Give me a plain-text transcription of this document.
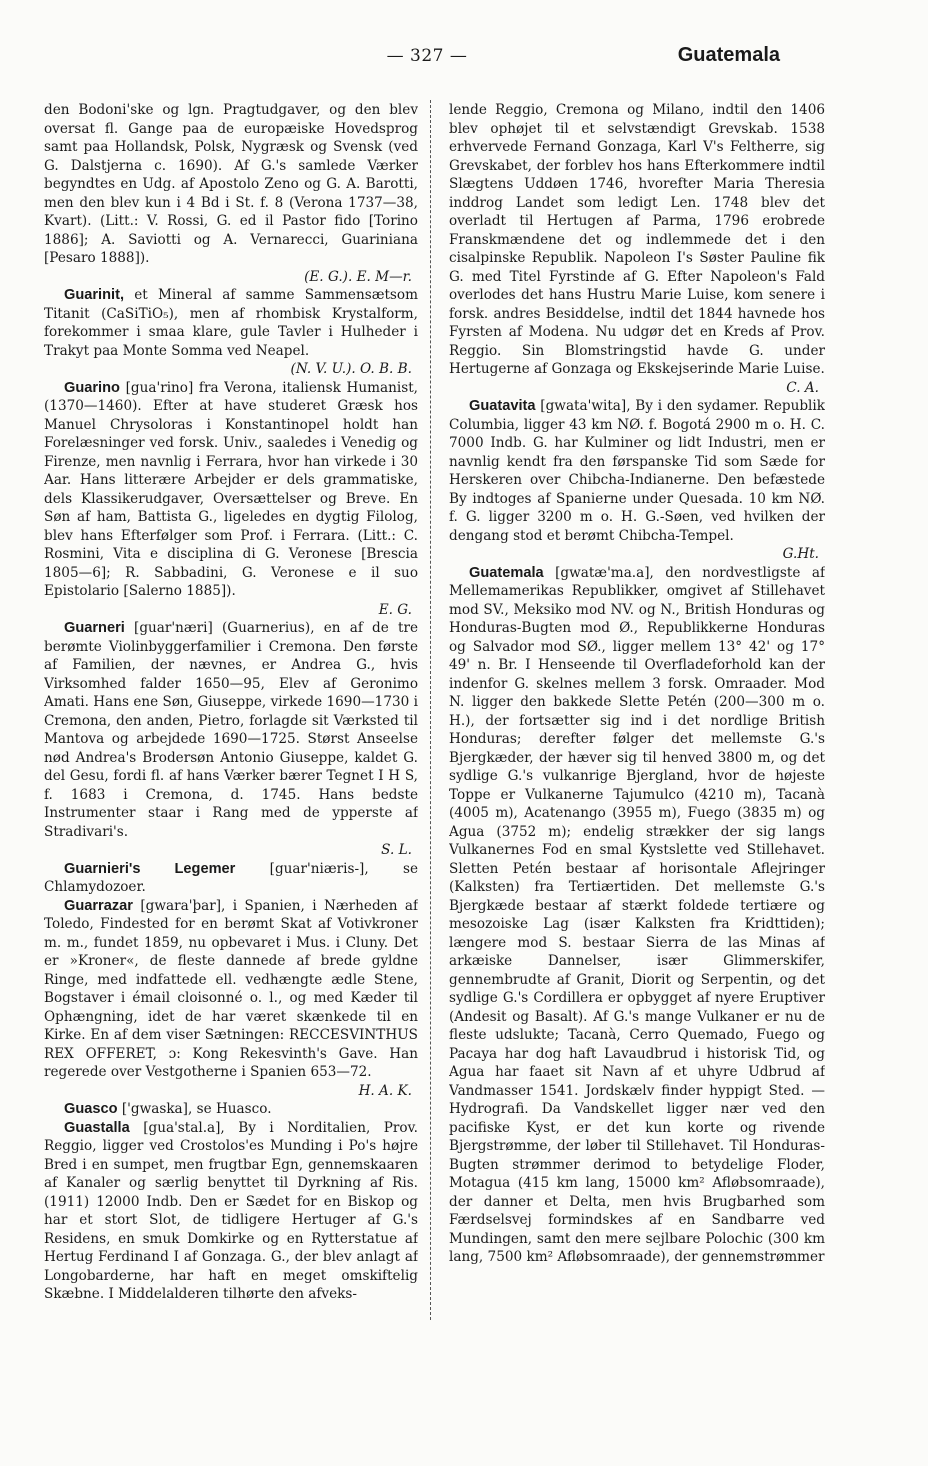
— 327 —	Guatemala

den Bodoni'ske og lgn. Pragtudgaver, og den blev oversat fl. Gange paa de europæiske Hovedsprog samt paa Hollandsk, Polsk, Nygræsk og Svensk (ved G. Dalstjerna c. 1690). Af G.'s samlede Værker begyndtes en Udg. af Apostolo Zeno og G. A. Barotti, men den blev kun i 4 Bd i St. f. 8 (Verona 1737—38, Kvart). (Litt.: V. Rossi, G. ed il Pastor fido [Torino 1886]; A. Saviotti og A. Vernarecci, Guariniana [Pesaro 1888]).

(E. G.). E. M—r.

Guarinit, et Mineral af samme Sammensætsom Titanit (CaSiTiO₅), men af rhombisk Krystalform, forekommer i smaa klare, gule Tavler i Hulheder i Trakyt paa Monte Somma ved Neapel.

(N. V. U.). O. B. B.

Guarino [gua'rino] fra Verona, italiensk Humanist, (1370—1460). Efter at have studeret Græsk hos Manuel Chrysoloras i Konstantinopel holdt han Forelæsninger ved forsk. Univ., saaledes i Venedig og Firenze, men navnlig i Ferrara, hvor han virkede i 30 Aar. Hans litterære Arbejder er dels grammatiske, dels Klassikerudgaver, Oversættelser og Breve. En Søn af ham, Battista G., ligeledes en dygtig Filolog, blev hans Efterfølger som Prof. i Ferrara. (Litt.: C. Rosmini, Vita e disciplina di G. Veronese [Brescia 1805—6]; R. Sabbadini, G. Veronese e il suo Epistolario [Salerno 1885]).

E. G.

Guarneri [guar'næri] (Guarnerius), en af de tre berømte Violinbyggerfamilier i Cremona. Den første af Familien, der nævnes, er Andrea G., hvis Virksomhed falder 1650—95, Elev af Geronimo Amati. Hans ene Søn, Giuseppe, virkede 1690—1730 i Cremona, den anden, Pietro, forlagde sit Værksted til Mantova og arbejdede 1690—1725. Størst Anseelse nød Andrea's Brodersøn Antonio Giuseppe, kaldet G. del Gesu, fordi fl. af hans Værker bærer Tegnet I H S, f. 1683 i Cremona, d. 1745. Hans bedste Instrumenter staar i Rang med de ypperste af Stradivari's.

S. L.

Guarnieri's Legemer	[guar'niæris-], se Chlamydozoer.

Guarrazar [gwara'þar], i Spanien, i Nærheden af Toledo, Findested for en berømt Skat af Votivkroner m. m., fundet 1859, nu opbevaret i Mus. i Cluny. Det er »Kroner«, de fleste dannede af brede gyldne Ringe, med indfattede ell. vedhængte ædle Stene, Bogstaver i émail cloisonné o. l., og med Kæder til Ophængning, idet de har været skænkede til en Kirke. En af dem viser Sætningen: RECCESVINTHUS REX OFFERET, ɔ: Kong Rekesvinth's Gave. Han regerede over Vestgotherne i Spanien 653—72.

H. A. K.

Guasco ['gwaska], se Huasco.

Guastalla [gua'stal.a], By i Norditalien, Prov. Reggio, ligger ved Crostolos'es Munding i Po's højre Bred i en sumpet, men frugtbar Egn, gennemskaaren af Kanaler og særlig benyttet til Dyrkning af Ris. (1911) 12000 Indb. Den er Sædet for en Biskop og har et stort Slot, de tidligere Hertuger af G.'s Residens, en smuk Domkirke og en Rytterstatue af Hertug Ferdinand I af Gonzaga. G., der blev anlagt af Longobarderne, har haft en meget omskiftelig Skæbne. I Middelalderen tilhørte den afveks-

lende Reggio, Cremona og Milano, indtil den 1406 blev ophøjet til et selvstændigt Grevskab. 1538 erhvervede Fernand Gonzaga, Karl V's Feltherre, sig Grevskabet, der forblev hos hans Efterkommere indtil Slægtens Uddøen 1746, hvorefter Maria Theresia inddrog Landet som ledigt Len. 1748 blev det overladt til Hertugen af Parma, 1796 erobrede Franskmændene det og indlemmede det i den cisalpinske Republik. Napoleon I's Søster Pauline fik G. med Titel Fyrstinde af G. Efter Napoleon's Fald overlodes det hans Hustru Marie Luise, kom senere i forsk. andres Besiddelse, indtil det 1844 havnede hos Fyrsten af Modena. Nu udgør det en Kreds af Prov. Reggio. Sin Blomstringstid havde G. under Hertugerne af Gonzaga og Ekskejserinde Marie Luise.

C. A.

Guatavita [gwata'wita], By i den sydamer. Republik Columbia, ligger 43 km NØ. f. Bogotá 2900 m o. H. C. 7000 Indb. G. har Kulminer og lidt Industri, men er navnlig kendt fra den førspanske Tid som Sæde for Herskeren over Chibcha-Indianerne. Den befæstede By indtoges af Spanierne under Quesada. 10 km NØ. f. G. ligger 3200 m o. H. G.-Søen, ved hvilken der dengang stod et berømt Chibcha-Tempel.

G.Ht.

Guatemala [gwatæ'ma.a], den nordvestligste af Mellemamerikas Republikker, omgivet af Stillehavet mod SV., Meksiko mod NV. og N., British Honduras og Honduras-Bugten mod Ø., Republikkerne Honduras og Salvador mod SØ., ligger mellem 13° 42' og 17° 49' n. Br. I Henseende til Overfladeforhold kan der indenfor G. skelnes mellem 3 forsk. Omraader. Mod N. ligger den bakkede Slette Petén (200—300 m o. H.), der fortsætter sig ind i det nordlige British Honduras; derefter følger det mellemste G.'s Bjergkæder, der hæver sig til henved 3800 m, og det sydlige G.'s vulkanrige Bjergland, hvor de højeste Toppe er Vulkanerne Tajumulco (4210 m), Tacanà (4005 m), Acatenango (3955 m), Fuego (3835 m) og Agua (3752 m); endelig strækker der sig langs Vulkanernes Fod en smal Kystslette ved Stillehavet. Sletten Petén bestaar af horisontale Aflejringer (Kalksten) fra Tertiærtiden. Det mellemste G.'s Bjergkæde bestaar af stærkt foldede tertiære og mesozoiske Lag (især Kalksten fra Kridttiden); længere mod S. bestaar Sierra de las Minas af arkæiske Dannelser, især Glimmerskifer, gennembrudte af Granit, Diorit og Serpentin, og det sydlige G.'s Cordillera er opbygget af nyere Eruptiver (Andesit og Basalt). Af G.'s mange Vulkaner er nu de fleste udslukte; Tacanà, Cerro Quemado, Fuego og Pacaya har dog haft Lavaudbrud i historisk Tid, og Agua har faaet sit Navn af et uhyre Udbrud af Vandmasser 1541. Jordskælv finder hyppigt Sted. — Hydrografi. Da Vandskellet ligger nær ved den pacifiske Kyst, er det kun korte og rivende Bjergstrømme, der løber til Stillehavet. Til Honduras-Bugten strømmer derimod to betydelige Floder, Motagua (415 km lang, 15000 km² Afløbsomraade), der danner et Delta, men hvis Brugbarhed som Færdselsvej formindskes af en Sandbarre ved Mundingen, samt den mere sejlbare Polochic (300 km lang, 7500 km² Afløbsomraade), der gennemstrømmer
